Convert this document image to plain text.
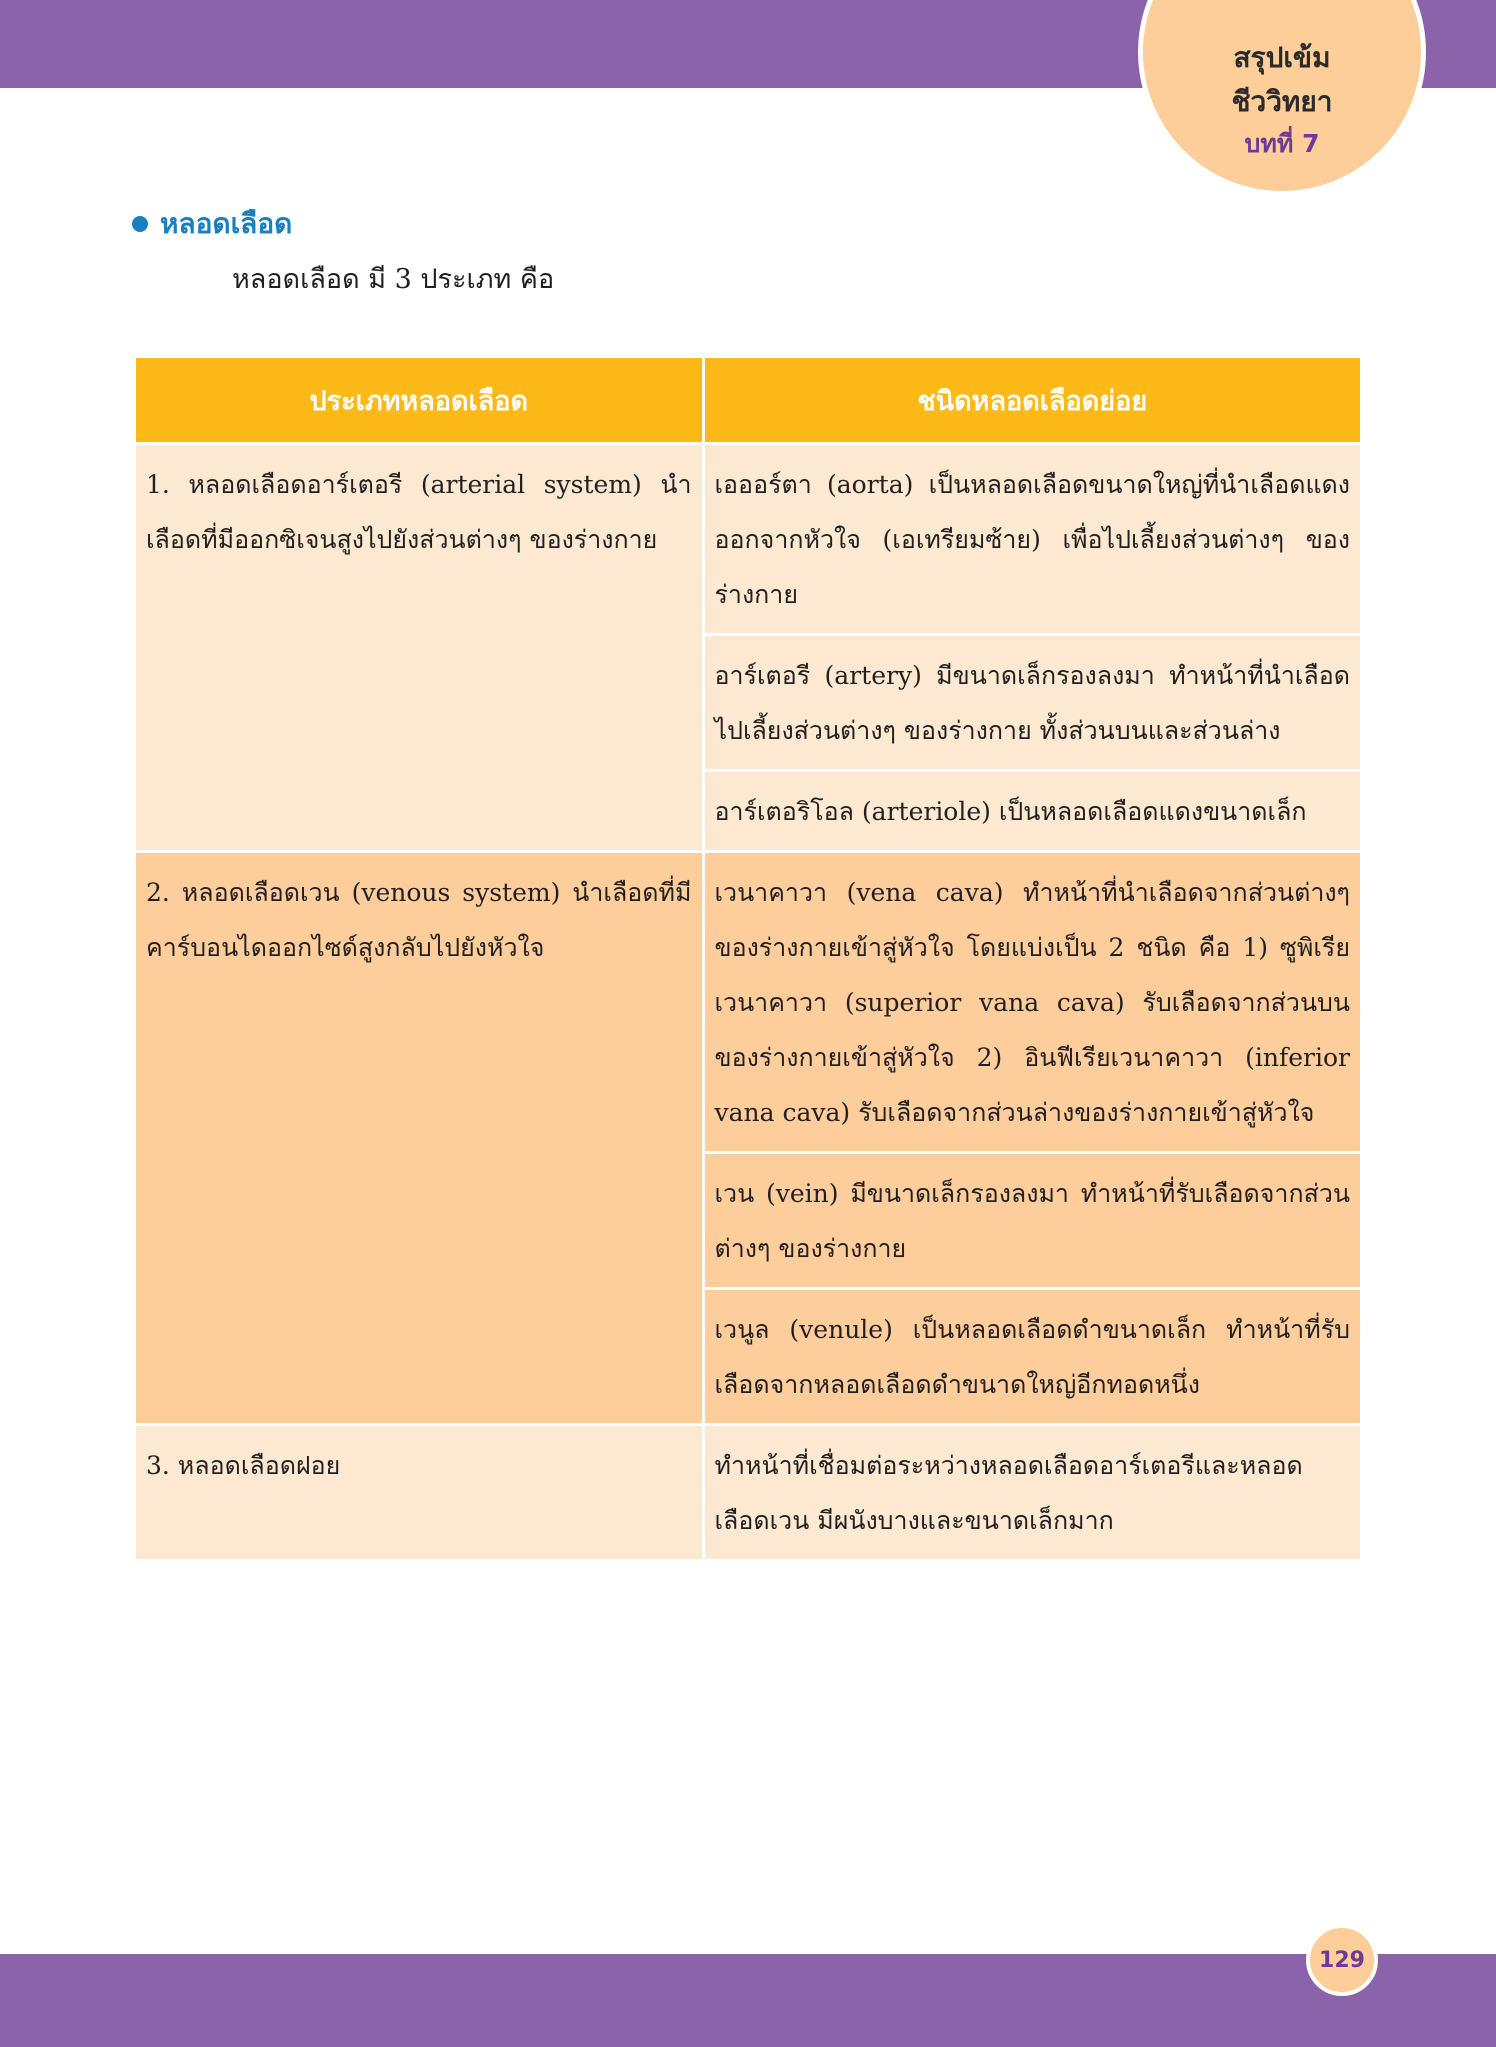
สรุปเข้ม
ชีววิทยา
บทที่ 7
หลอดเลือด
หลอดเลือด มี 3 ประเภท คือ
ประเภทหลอดเลือด	ชนิดหลอดเลือดย่อย
1. หลอดเลือดอาร์เตอรี (arterial system) นำเลือดที่มีออกซิเจนสูงไปยังส่วนต่างๆ ของร่างกาย	เอออร์ตา (aorta) เป็นหลอดเลือดขนาดใหญ่ที่นำเลือดแดงออกจากหัวใจ (เอเทรียมซ้าย) เพื่อไปเลี้ยงส่วนต่างๆ ของร่างกาย
	อาร์เตอรี (artery) มีขนาดเล็กรองลงมา ทำหน้าที่นำเลือดไปเลี้ยงส่วนต่างๆ ของร่างกาย ทั้งส่วนบนและส่วนล่าง
	อาร์เตอริโอล (arteriole) เป็นหลอดเลือดแดงขนาดเล็ก
2. หลอดเลือดเวน (venous system) นำเลือดที่มีคาร์บอนไดออกไซด์สูงกลับไปยังหัวใจ	เวนาคาวา (vena cava) ทำหน้าที่นำเลือดจากส่วนต่างๆ ของร่างกายเข้าสู่หัวใจ โดยแบ่งเป็น 2 ชนิด คือ 1) ซูพิเรียเวนาคาวา (superior vana cava) รับเลือดจากส่วนบนของร่างกายเข้าสู่หัวใจ 2) อินฟีเรียเวนาคาวา (inferior vana cava) รับเลือดจากส่วนล่างของร่างกายเข้าสู่หัวใจ
	เวน (vein) มีขนาดเล็กรองลงมา ทำหน้าที่รับเลือดจากส่วนต่างๆ ของร่างกาย
	เวนูล (venule) เป็นหลอดเลือดดำขนาดเล็ก ทำหน้าที่รับเลือดจากหลอดเลือดดำขนาดใหญ่อีกทอดหนึ่ง
3. หลอดเลือดฝอย	ทำหน้าที่เชื่อมต่อระหว่างหลอดเลือดอาร์เตอรีและหลอดเลือดเวน มีผนังบางและขนาดเล็กมาก
129
